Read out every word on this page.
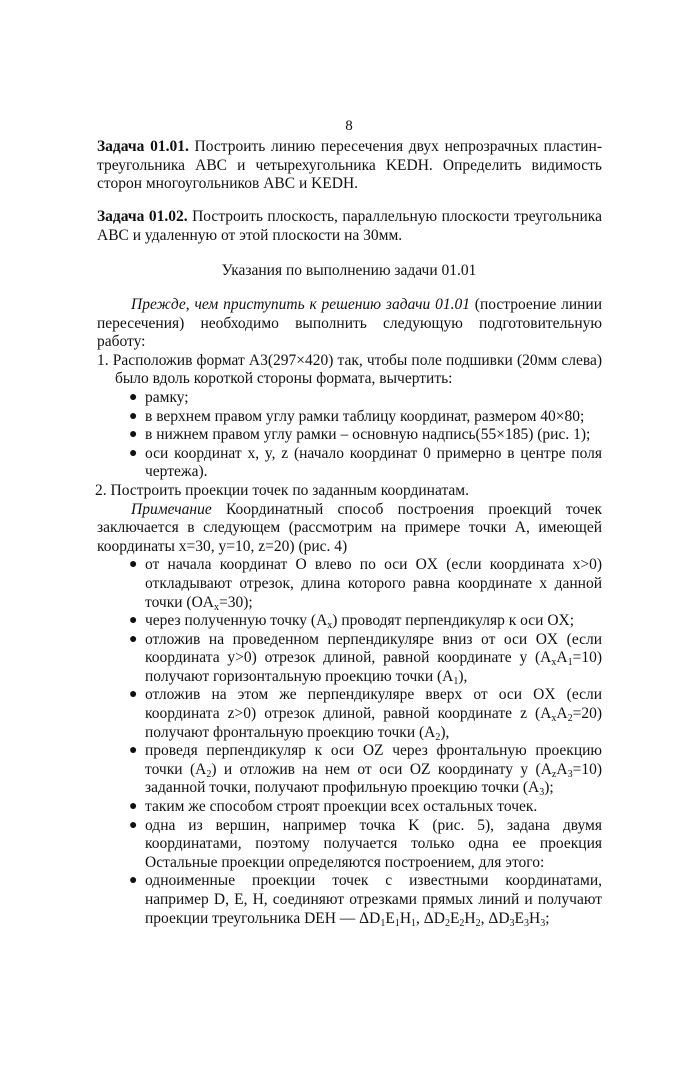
8
Задача 01.01. Построить линию пересечения двух непрозрачных пластин-треугольника ABC и четырехугольника KEDH. Определить видимость сторон многоугольников ABC и KEDH.
Задача 01.02. Построить плоскость, параллельную плоскости треугольника ABC и удаленную от этой плоскости на 30мм.
Указания по выполнению задачи 01.01

Прежде, чем приступить к решению задачи 01.01 (построение линии пересечения) необходимо выполнить следующую подготовительную работу:

1. Расположив формат А3(297×420) так, чтобы поле подшивки (20мм слева) было вдоль короткой стороны формата, вычертить:

● рамку;
● в верхнем правом углу рамки таблицу координат, размером 40×80;
● в нижнем правом углу рамки – основную надпись(55×185) (рис. 1);
● оси координат x, y, z (начало координат 0 примерно в центре поля чертежа).

2. Построить проекции точек по заданным координатам.

Примечание Координатный способ построения проекций точек заключается в следующем (рассмотрим на примере точки А, имеющей координаты x=30, y=10, z=20) (рис. 4)

● от начала координат О влево по оси OX (если координата x>0) откладывают отрезок, длина которого равна координате x данной точки $(OA_x=30)$;
● через полученную точку $(A_x)$ проводят перпендикуляр к оси OX;
● отложив на проведенном перпендикуляре вниз от оси OX (если координата y>0) отрезок длиной, равной координате y $(A_xA_1=10)$ получают горизонтальную проекцию точки $(A_1)$,
● отложив на этом же перпендикуляре вверх от оси OX (если координата z>0) отрезок длиной, равной координате z $(A_xA_2=20)$ получают фронтальную проекцию точки $(A_2)$,
● проведя перпендикуляр к оси OZ через фронтальную проекцию точки $(A_2)$ и отложив на нем от оси OZ координату y $(A_zA_3=10)$ заданной точки, получают профильную проекцию точки $(A_3)$;
● таким же способом строят проекции всех остальных точек.
● одна из вершин, например точка K (рис. 5), задана двумя координатами, поэтому получается только одна ее проекция Остальные проекции определяются построением, для этого:
● одноименные проекции точек с известными координатами, например D, E, H, соединяют отрезками прямых линий и получают проекции треугольника DEH — $\Delta D_1E_1H_1$, $\Delta D_2E_2H_2$, $\Delta D_3E_3H_3$;
